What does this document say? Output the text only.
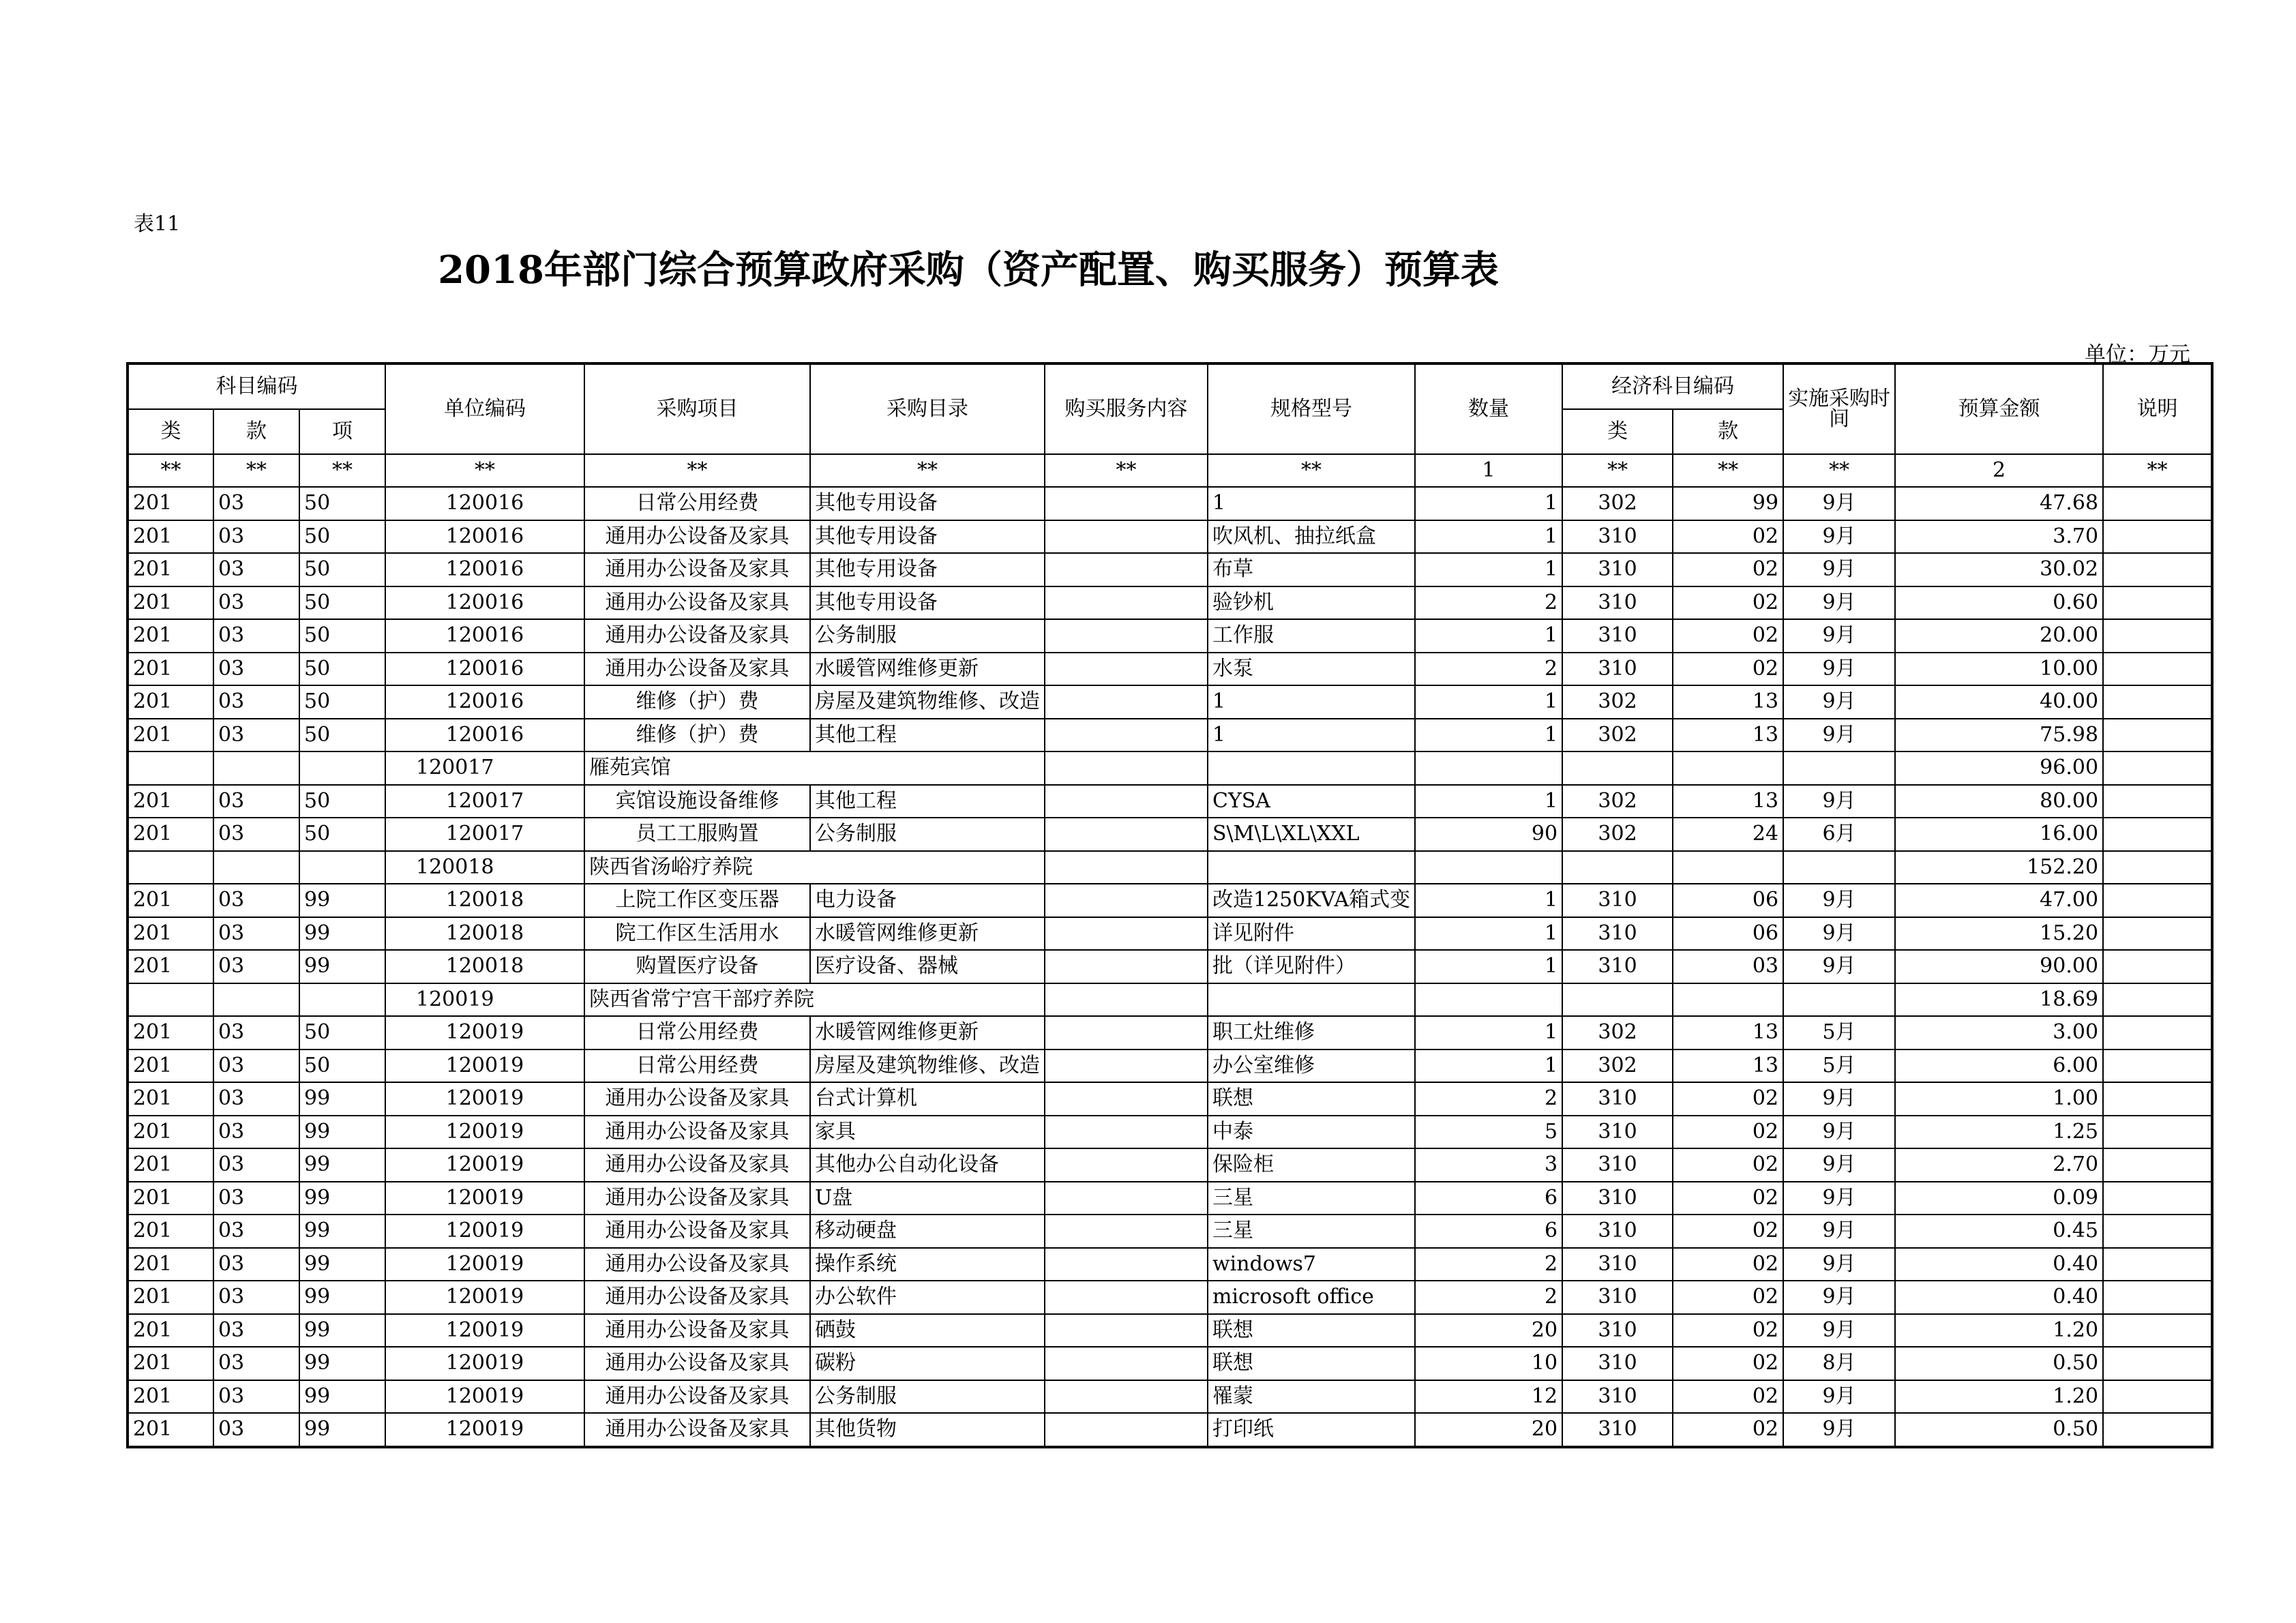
表11
2018年部门综合预算政府采购（资产配置、购买服务）预算表
单位：万元
科目编码			单位编码	采购项目	采购目录	购买服务内容	规格型号	数量	经济科目编码		实施采购时间	预算金额	说明
类	款	项							类	款			
**	**	**	**	**	**	**	**	1	**	**	**	2	**
201	03	50	120016	日常公用经费	其他专用设备		1	1	302	99	9月	47.68	
201	03	50	120016	通用办公设备及家具	其他专用设备		吹风机、抽拉纸盒	1	310	02	9月	3.70	
201	03	50	120016	通用办公设备及家具	其他专用设备		布草	1	310	02	9月	30.02	
201	03	50	120016	通用办公设备及家具	其他专用设备		验钞机	2	310	02	9月	0.60	
201	03	50	120016	通用办公设备及家具	公务制服		工作服	1	310	02	9月	20.00	
201	03	50	120016	通用办公设备及家具	水暖管网维修更新		水泵	2	310	02	9月	10.00	
201	03	50	120016	维修（护）费	房屋及建筑物维修、改造		1	1	302	13	9月	40.00	
201	03	50	120016	维修（护）费	其他工程		1	1	302	13	9月	75.98	
			120017	雁苑宾馆								96.00	
201	03	50	120017	宾馆设施设备维修	其他工程		CYSA	1	302	13	9月	80.00	
201	03	50	120017	员工工服购置	公务制服		S\M\L\XL\XXL	90	302	24	6月	16.00	
			120018	陕西省汤峪疗养院								152.20	
201	03	99	120018	上院工作区变压器	电力设备		改造1250KVA箱式变	1	310	06	9月	47.00	
201	03	99	120018	院工作区生活用水	水暖管网维修更新		详见附件	1	310	06	9月	15.20	
201	03	99	120018	购置医疗设备	医疗设备、器械		批（详见附件）	1	310	03	9月	90.00	
			120019	陕西省常宁宫干部疗养院								18.69	
201	03	50	120019	日常公用经费	水暖管网维修更新		职工灶维修	1	302	13	5月	3.00	
201	03	50	120019	日常公用经费	房屋及建筑物维修、改造		办公室维修	1	302	13	5月	6.00	
201	03	99	120019	通用办公设备及家具	台式计算机		联想	2	310	02	9月	1.00	
201	03	99	120019	通用办公设备及家具	家具		中泰	5	310	02	9月	1.25	
201	03	99	120019	通用办公设备及家具	其他办公自动化设备		保险柜	3	310	02	9月	2.70	
201	03	99	120019	通用办公设备及家具	U盘		三星	6	310	02	9月	0.09	
201	03	99	120019	通用办公设备及家具	移动硬盘		三星	6	310	02	9月	0.45	
201	03	99	120019	通用办公设备及家具	操作系统		windows7	2	310	02	9月	0.40	
201	03	99	120019	通用办公设备及家具	办公软件		microsoft office	2	310	02	9月	0.40	
201	03	99	120019	通用办公设备及家具	硒鼓		联想	20	310	02	9月	1.20	
201	03	99	120019	通用办公设备及家具	碳粉		联想	10	310	02	8月	0.50	
201	03	99	120019	通用办公设备及家具	公务制服		罹蒙	12	310	02	9月	1.20	
201	03	99	120019	通用办公设备及家具	其他货物		打印纸	20	310	02	9月	0.50	
